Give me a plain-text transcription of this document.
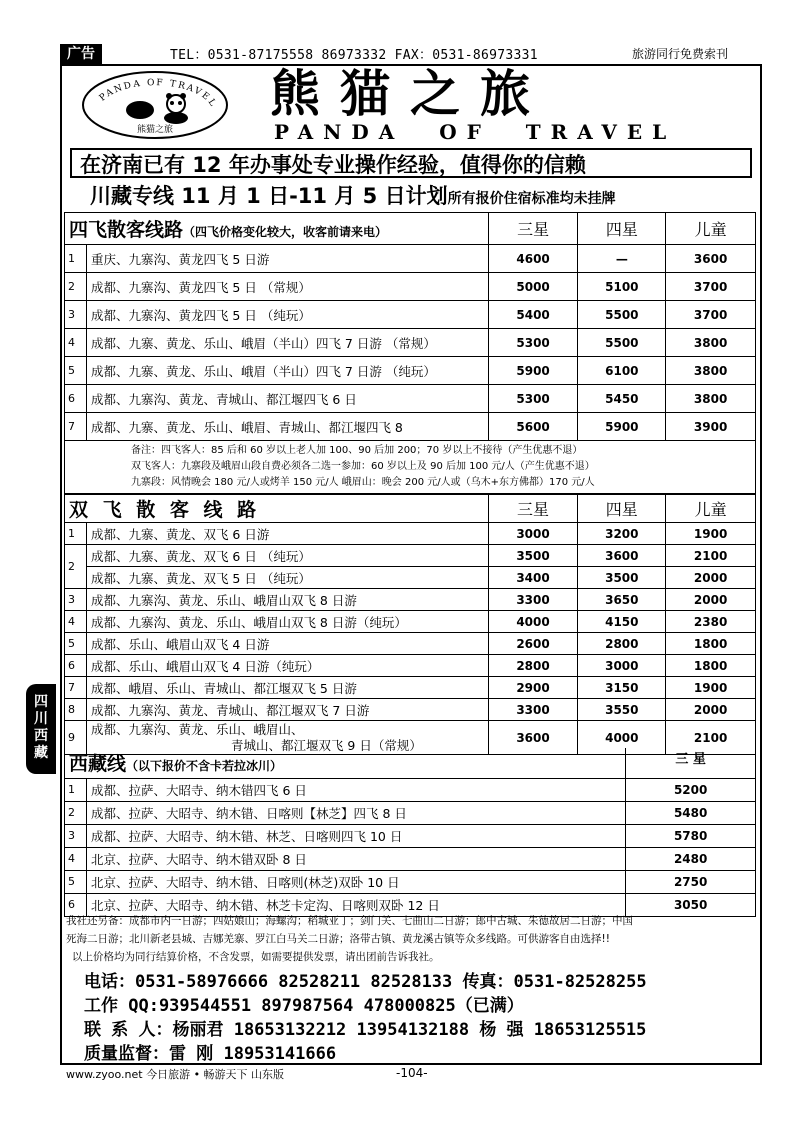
广告	TEL：0531-87175558 86973332 FAX：0531-86973331	旅游同行免费索刊
PANDA OF TRAVEL
熊猫之旅
熊猫之旅
PANDA OF TRAVEL
在济南已有 12 年办事处专业操作经验，值得你的信赖
川藏专线 11 月 1 日-11 月 5 日计划所有报价住宿标准均未挂牌
四飞散客线路（四飞价格变化较大，收客前请来电）		三星	四星	儿童
1	重庆、九寨沟、黄龙四飞 5 日游	4600	—	3600
2	成都、九寨沟、黄龙四飞 5 日 （常规）	5000	5100	3700
3	成都、九寨沟、黄龙四飞 5 日 （纯玩）	5400	5500	3700
4	成都、九寨、黄龙、乐山、峨眉（半山）四飞 7 日游 （常规）	5300	5500	3800
5	成都、九寨、黄龙、乐山、峨眉（半山）四飞 7 日游 （纯玩）	5900	6100	3800
6	成都、九寨沟、黄龙、青城山、都江堰四飞 6 日	5300	5450	3800
7	成都、九寨、黄龙、乐山、峨眉、青城山、都江堰四飞 8	5600	5900	3900

备注：四飞客人：85 后和 60 岁以上老人加 100、90 后加 200；70 岁以上不接待（产生优惠不退）
双飞客人：九寨段及峨眉山段自费必须各二选一参加：60 岁以上及 90 后加 100 元/人（产生优惠不退）
九寨段：风情晚会 180 元/人或烤羊 150 元/人 峨眉山：晚会 200 元/人或（乌木+东方佛都）170 元/人				
双 飞 散 客 线 路		三星	四星	儿童
1	成都、九寨、黄龙、双飞 6 日游	3000	3200	1900
2	成都、九寨、黄龙、双飞 6 日 （纯玩）	3500	3600	2100
	成都、九寨、黄龙、双飞 5 日 （纯玩）	3400	3500	2000
3	成都、九寨沟、黄龙、乐山、峨眉山双飞 8 日游	3300	3650	2000
4	成都、九寨沟、黄龙、乐山、峨眉山双飞 8 日游（纯玩）	4000	4150	2380
5	成都、乐山、峨眉山双飞 4 日游	2600	2800	1800
6	成都、乐山、峨眉山双飞 4 日游（纯玩）	2800	3000	1800
7	成都、峨眉、乐山、青城山、都江堰双飞 5 日游	2900	3150	1900
8	成都、九寨沟、黄龙、青城山、都江堰双飞 7 日游	3300	3550	2000
9	成都、九寨沟、黄龙、乐山、峨眉山、
青城山、都江堰双飞 9 日（常规）	3600	4000	2100
西藏线（以下报价不含卡若拉冰川）		三 星
1	成都、拉萨、大昭寺、纳木错四飞 6 日	5200
2	成都、拉萨、大昭寺、纳木错、日喀则【林芝】四飞 8 日	5480
3	成都、拉萨、大昭寺、纳木错、林芝、日喀则四飞 10 日	5780
4	北京、拉萨、大昭寺、纳木错双卧 8 日	2480
5	北京、拉萨、大昭寺、纳木错、日喀则(林芝)双卧 10 日	2750
6	北京、拉萨、大昭寺、纳木错、林芝卡定沟、日喀则双卧 12 日	3050
四川西藏
我社还另备：成都市内一日游；四姑娘山；海螺沟；稻城亚丁；剑门关、七曲山二日游；郎中古城、朱德故居二日游；中国
死海二日游；北川新老县城、吉娜羌寨、罗江白马关二日游；洛带古镇、黄龙溪古镇等众多线路。可供游客自由选择!!
以上价格均为同行结算价格，不含发票，如需要提供发票，请出团前告诉我社。
电话：0531-58976666 82528211 82528133 传真：0531-82528255
工作 QQ:939544551 897987564 478000825（已满）
联 系 人：杨丽君 18653132212 13954132188 杨 强 18653125515
质量监督：雷 刚 18953141666
www.zyoo.net 今日旅游 • 畅游天下 山东版	-104-
